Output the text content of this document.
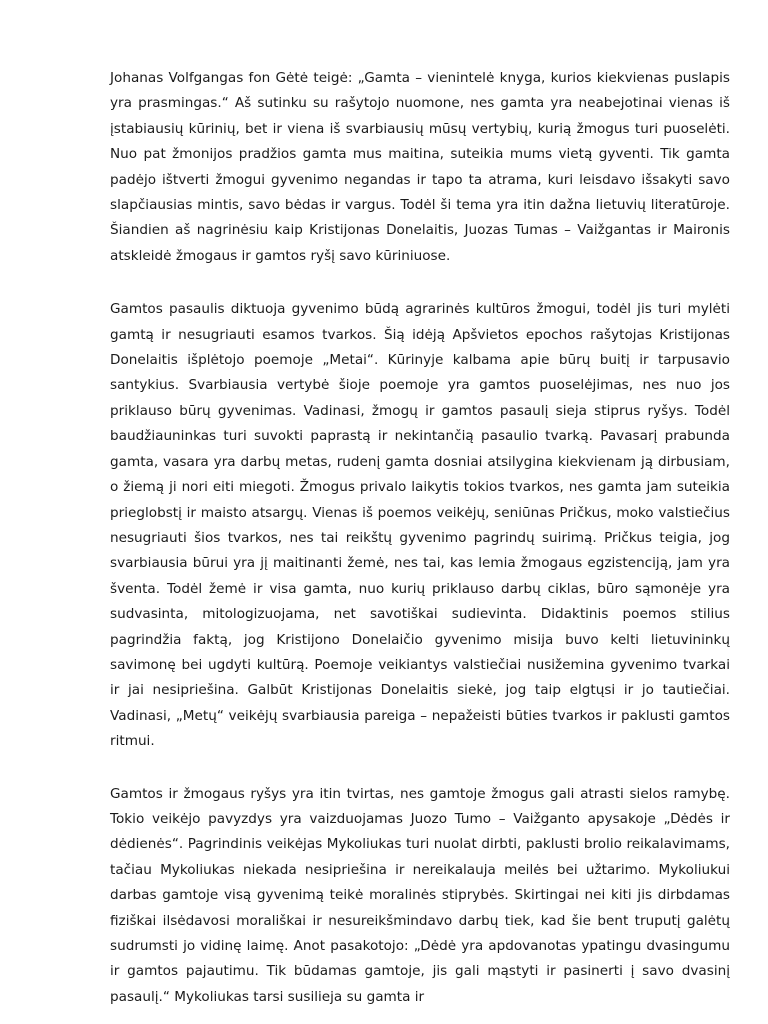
Johanas Volfgangas fon Gėtė teigė: „Gamta – vienintelė knyga, kurios kiekvienas puslapis yra prasmingas.“ Aš sutinku su rašytojo nuomone, nes gamta yra neabejotinai vienas iš įstabiausių kūrinių, bet ir viena iš svarbiausių mūsų vertybių, kurią žmogus turi puoselėti. Nuo pat žmonijos pradžios gamta mus maitina, suteikia mums vietą gyventi. Tik gamta padėjo ištverti žmogui gyvenimo negandas ir tapo ta atrama, kuri leisdavo išsakyti savo slapčiausias mintis, savo bėdas ir vargus. Todėl ši tema yra itin dažna lietuvių literatūroje. Šiandien aš nagrinėsiu kaip Kristijonas Donelaitis, Juozas Tumas – Vaižgantas ir Maironis atskleidė žmogaus ir gamtos ryšį savo kūriniuose.

Gamtos pasaulis diktuoja gyvenimo būdą agrarinės kultūros žmogui, todėl jis turi mylėti gamtą ir nesugriauti esamos tvarkos. Šią idėją Apšvietos epochos rašytojas Kristijonas Donelaitis išplėtojo poemoje „Metai“. Kūrinyje kalbama apie būrų buitį ir tarpusavio santykius. Svarbiausia vertybė šioje poemoje yra gamtos puoselėjimas, nes nuo jos priklauso būrų gyvenimas. Vadinasi, žmogų ir gamtos pasaulį sieja stiprus ryšys. Todėl baudžiauninkas turi suvokti paprastą ir nekintančią pasaulio tvarką. Pavasarį prabunda gamta, vasara yra darbų metas, rudenį gamta dosniai atsilygina kiekvienam ją dirbusiam, o žiemą ji nori eiti miegoti. Žmogus privalo laikytis tokios tvarkos, nes gamta jam suteikia prieglobstį ir maisto atsargų. Vienas iš poemos veikėjų, seniūnas Pričkus, moko valstiečius nesugriauti šios tvarkos, nes tai reikštų gyvenimo pagrindų suirimą. Pričkus teigia, jog svarbiausia būrui yra jį maitinanti žemė, nes tai, kas lemia žmogaus egzistenciją, jam yra šventa. Todėl žemė ir visa gamta, nuo kurių priklauso darbų ciklas, būro sąmonėje yra sudvasinta, mitologizuojama, net savotiškai sudievinta. Didaktinis poemos stilius pagrindžia faktą, jog Kristijono Donelaičio gyvenimo misija buvo kelti lietuvininkų savimonę bei ugdyti kultūrą. Poemoje veikiantys valstiečiai nusižemina gyvenimo tvarkai ir jai nesipriešina. Galbūt Kristijonas Donelaitis siekė, jog taip elgtųsi ir jo tautiečiai. Vadinasi, „Metų“ veikėjų svarbiausia pareiga – nepažeisti būties tvarkos ir paklusti gamtos ritmui.

Gamtos ir žmogaus ryšys yra itin tvirtas, nes gamtoje žmogus gali atrasti sielos ramybę. Tokio veikėjo pavyzdys yra vaizduojamas Juozo Tumo – Vaižganto apysakoje „Dėdės ir dėdienės“. Pagrindinis veikėjas Mykoliukas turi nuolat dirbti, paklusti brolio reikalavimams, tačiau Mykoliukas niekada nesipriešina ir nereikalauja meilės bei užtarimo. Mykoliukui darbas gamtoje visą gyvenimą teikė moralinės stiprybės. Skirtingai nei kiti jis dirbdamas fiziškai ilsėdavosi morališkai ir nesureikšmindavo darbų tiek, kad šie bent truputį galėtų sudrumsti jo vidinę laimę. Anot pasakotojo: „Dėdė yra apdovanotas ypatingu dvasingumu ir gamtos pajautimu. Tik būdamas gamtoje, jis gali mąstyti ir pasinerti į savo dvasinį pasaulį.“ Mykoliukas tarsi susilieja su gamta ir
